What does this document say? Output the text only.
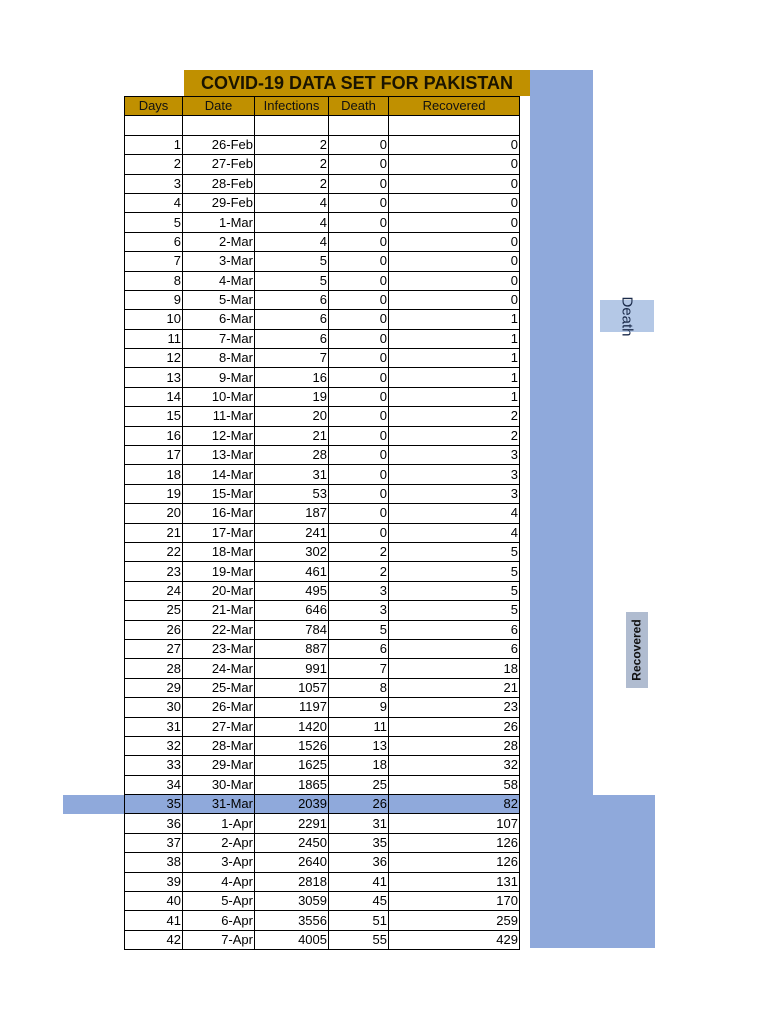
COVID-19 DATA SET FOR PAKISTAN
Days	Date	Infections	Death	Recovered

1	26-Feb	2	0	0
2	27-Feb	2	0	0
3	28-Feb	2	0	0
4	29-Feb	4	0	0
5	1-Mar	4	0	0
6	2-Mar	4	0	0
7	3-Mar	5	0	0
8	4-Mar	5	0	0
9	5-Mar	6	0	0
10	6-Mar	6	0	1
11	7-Mar	6	0	1
12	8-Mar	7	0	1
13	9-Mar	16	0	1
14	10-Mar	19	0	1
15	11-Mar	20	0	2
16	12-Mar	21	0	2
17	13-Mar	28	0	3
18	14-Mar	31	0	3
19	15-Mar	53	0	3
20	16-Mar	187	0	4
21	17-Mar	241	0	4
22	18-Mar	302	2	5
23	19-Mar	461	2	5
24	20-Mar	495	3	5
25	21-Mar	646	3	5
26	22-Mar	784	5	6
27	23-Mar	887	6	6
28	24-Mar	991	7	18
29	25-Mar	1057	8	21
30	26-Mar	1197	9	23
31	27-Mar	1420	11	26
32	28-Mar	1526	13	28
33	29-Mar	1625	18	32
34	30-Mar	1865	25	58
35	31-Mar	2039	26	82
36	1-Apr	2291	31	107
37	2-Apr	2450	35	126
38	3-Apr	2640	36	126
39	4-Apr	2818	41	131
40	5-Apr	3059	45	170
41	6-Apr	3556	51	259
42	7-Apr	4005	55	429
Death
Recovered
